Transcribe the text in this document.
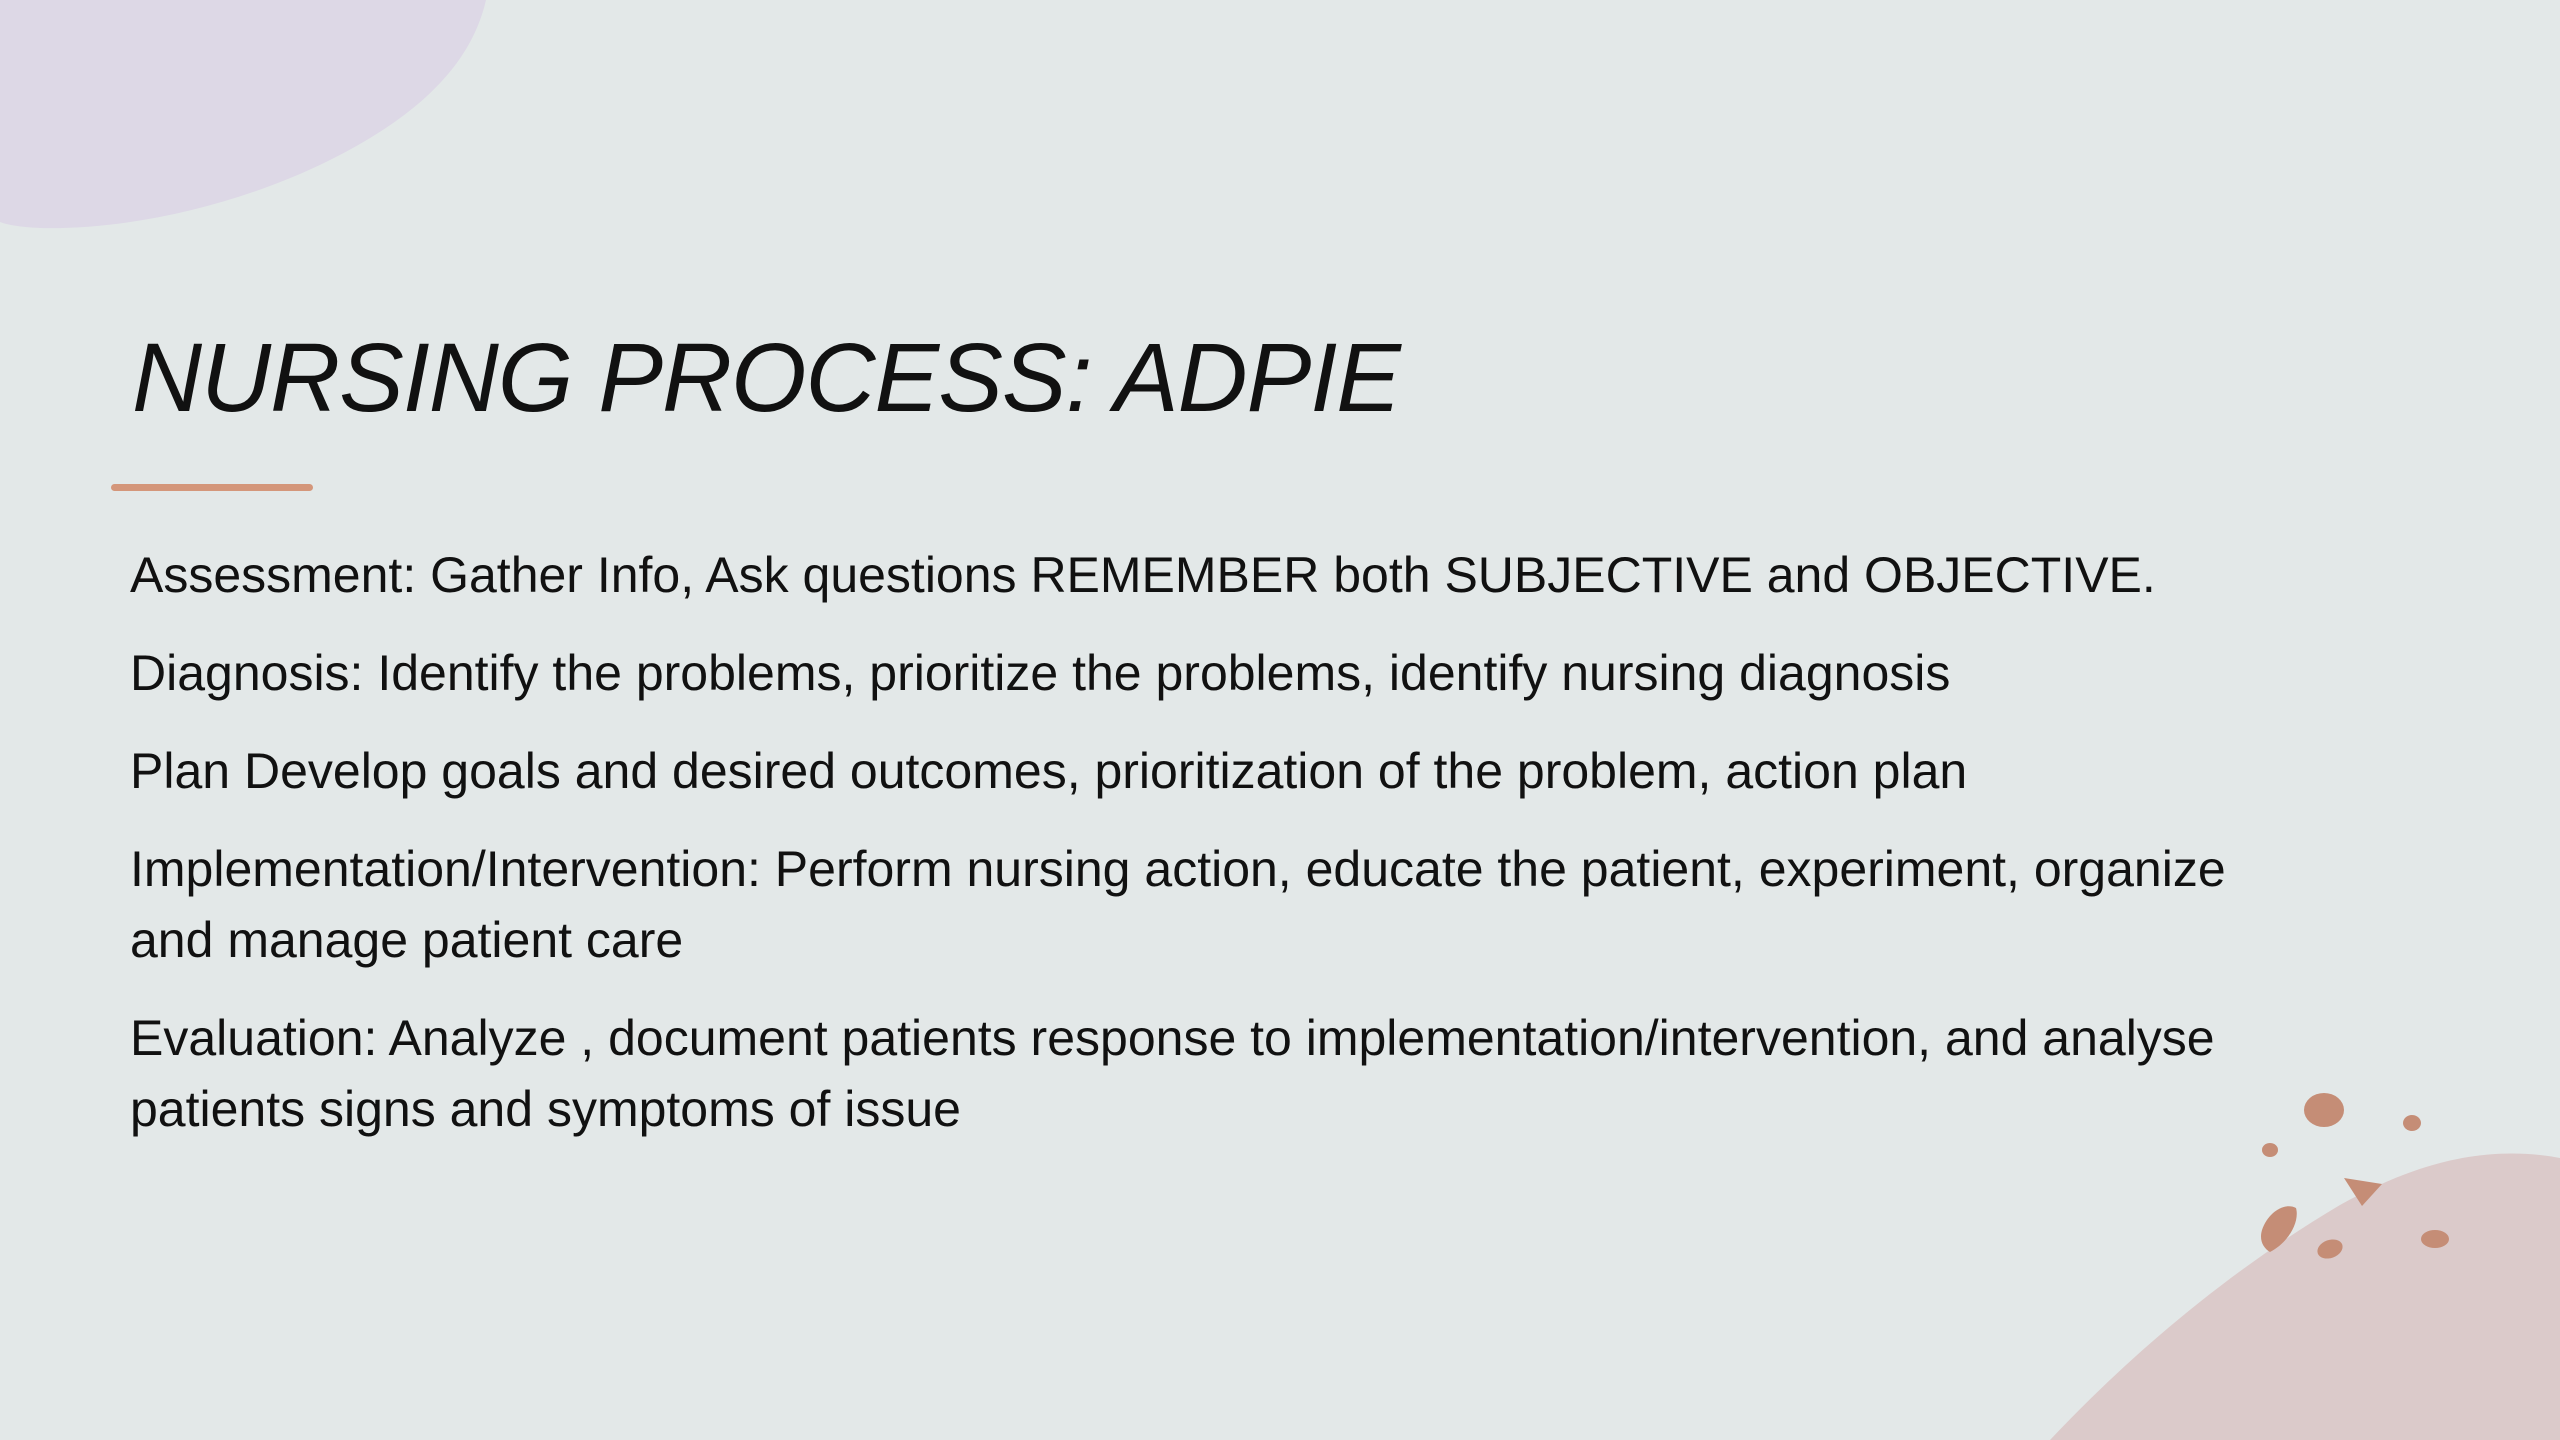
NURSING PROCESS: ADPIE
Assessment: Gather Info, Ask questions REMEMBER both SUBJECTIVE and OBJECTIVE.
Diagnosis: Identify the problems, prioritize the problems, identify nursing diagnosis
Plan Develop goals and desired outcomes, prioritization of the problem, action plan
Implementation/Intervention: Perform nursing action, educate the patient, experiment, organize and manage patient care
Evaluation: Analyze , document patients response to implementation/intervention, and analyse patients signs and symptoms of issue
